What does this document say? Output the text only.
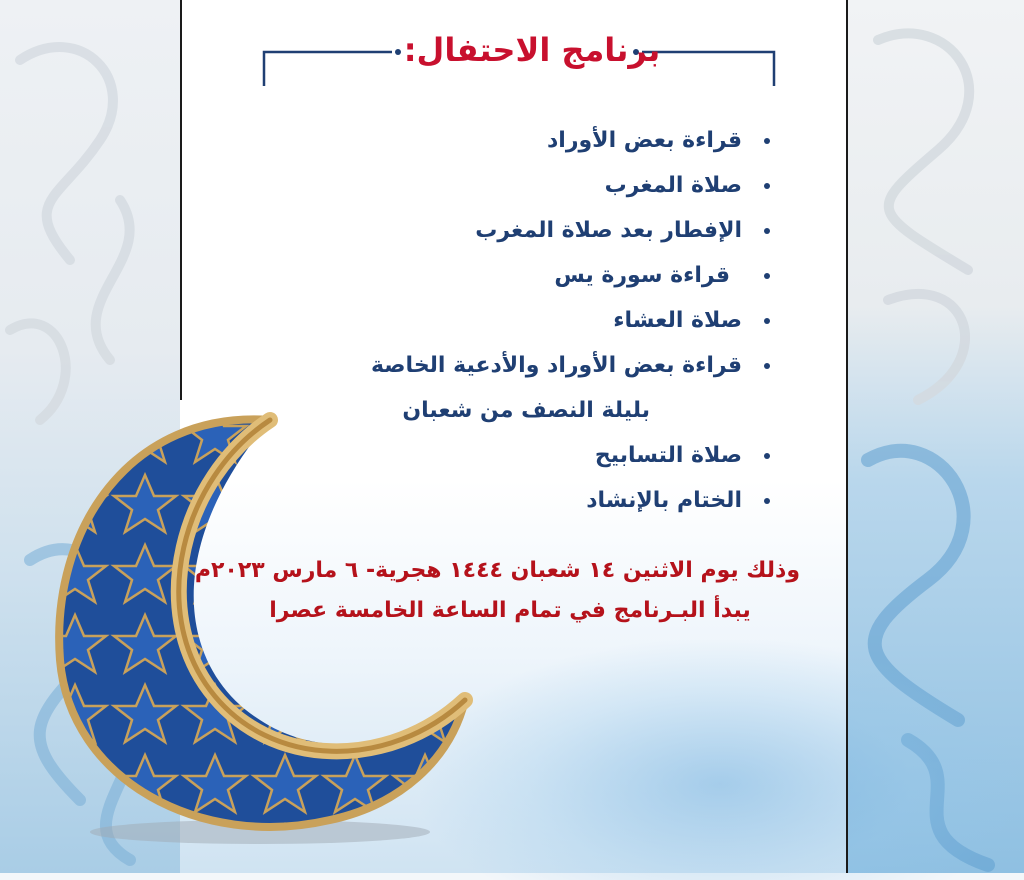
برنامج الاحتفال:
قراءة بعض الأوراد
صلاة المغرب
الإفطار بعد صلاة المغرب
قراءة سورة يس
صلاة العشاء
قراءة بعض الأوراد والأدعية الخاصة
بليلة النصف من شعبان
صلاة التسابيح
الختام بالإنشاد
وذلك يوم الاثنين ١٤ شعبان ١٤٤٤ هجرية- ٦ مارس ٢٠٢٣م
يبدأ البـرنامج في تمام الساعة الخامسة عصرا
